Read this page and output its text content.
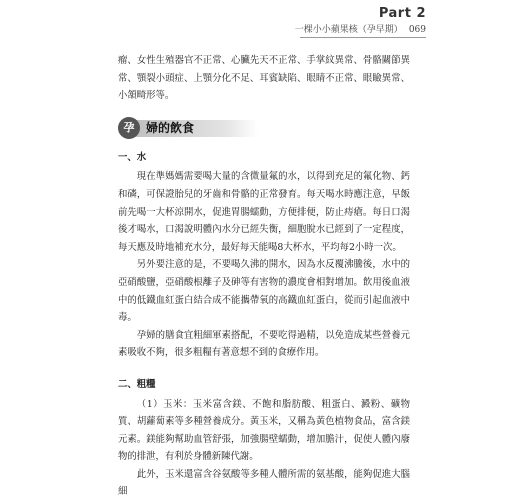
Part 2
一棵小小蘋果核（孕早期） 069

瘤、女性生殖器官不正常、心臟先天不正常、手掌紋異常、骨骼關節異常、顎裂小頭症、上顎分化不足、耳賓缺陷、眼睛不正常、眼瞼異常、小頷畸形等。

孕 婦的飲食
一、水

現在準媽媽需要喝大量的含微量氟的水，以得到充足的氟化物、鈣和磷，可保證胎兒的牙齒和骨骼的正常發育。每天喝水時應注意，早飯前先喝一大杯涼開水，促進胃腸蠕動，方便排便，防止痔瘡。每日口渴後才喝水，口渴說明體內水分已經失衡，細胞脫水已經到了一定程度，每天應及時地補充水分，最好每天能喝8大杯水，平均每2小時一次。

另外要注意的是，不要喝久沸的開水，因為水反覆沸騰後，水中的亞硝酸鹽，亞硝酸根離子及砷等有害物的濃度會相對增加。飲用後血液中的低鐵血紅蛋白結合成不能攜帶氧的高鐵血紅蛋白，從而引起血液中毒。

孕婦的膳食宜粗細軍素搭配，不要吃得過精，以免造成某些營養元素吸收不夠，很多粗糧有著意想不到的食療作用。

二、粗糧

（1）玉米：玉米富含鎂、不飽和脂肪酸、粗蛋白、澱粉、礦物質、胡蘿蔔素等多種營養成分。黃玉米，又稱為黃色植物食品，富含鎂元素。鎂能夠幫助血管舒張，加強腸壁蠕動，增加膽汁，促使人體內廢物的排泄，有利於身體新陳代謝。

此外，玉米還富含谷氨酸等多種人體所需的氨基酸，能夠促進大腦細
